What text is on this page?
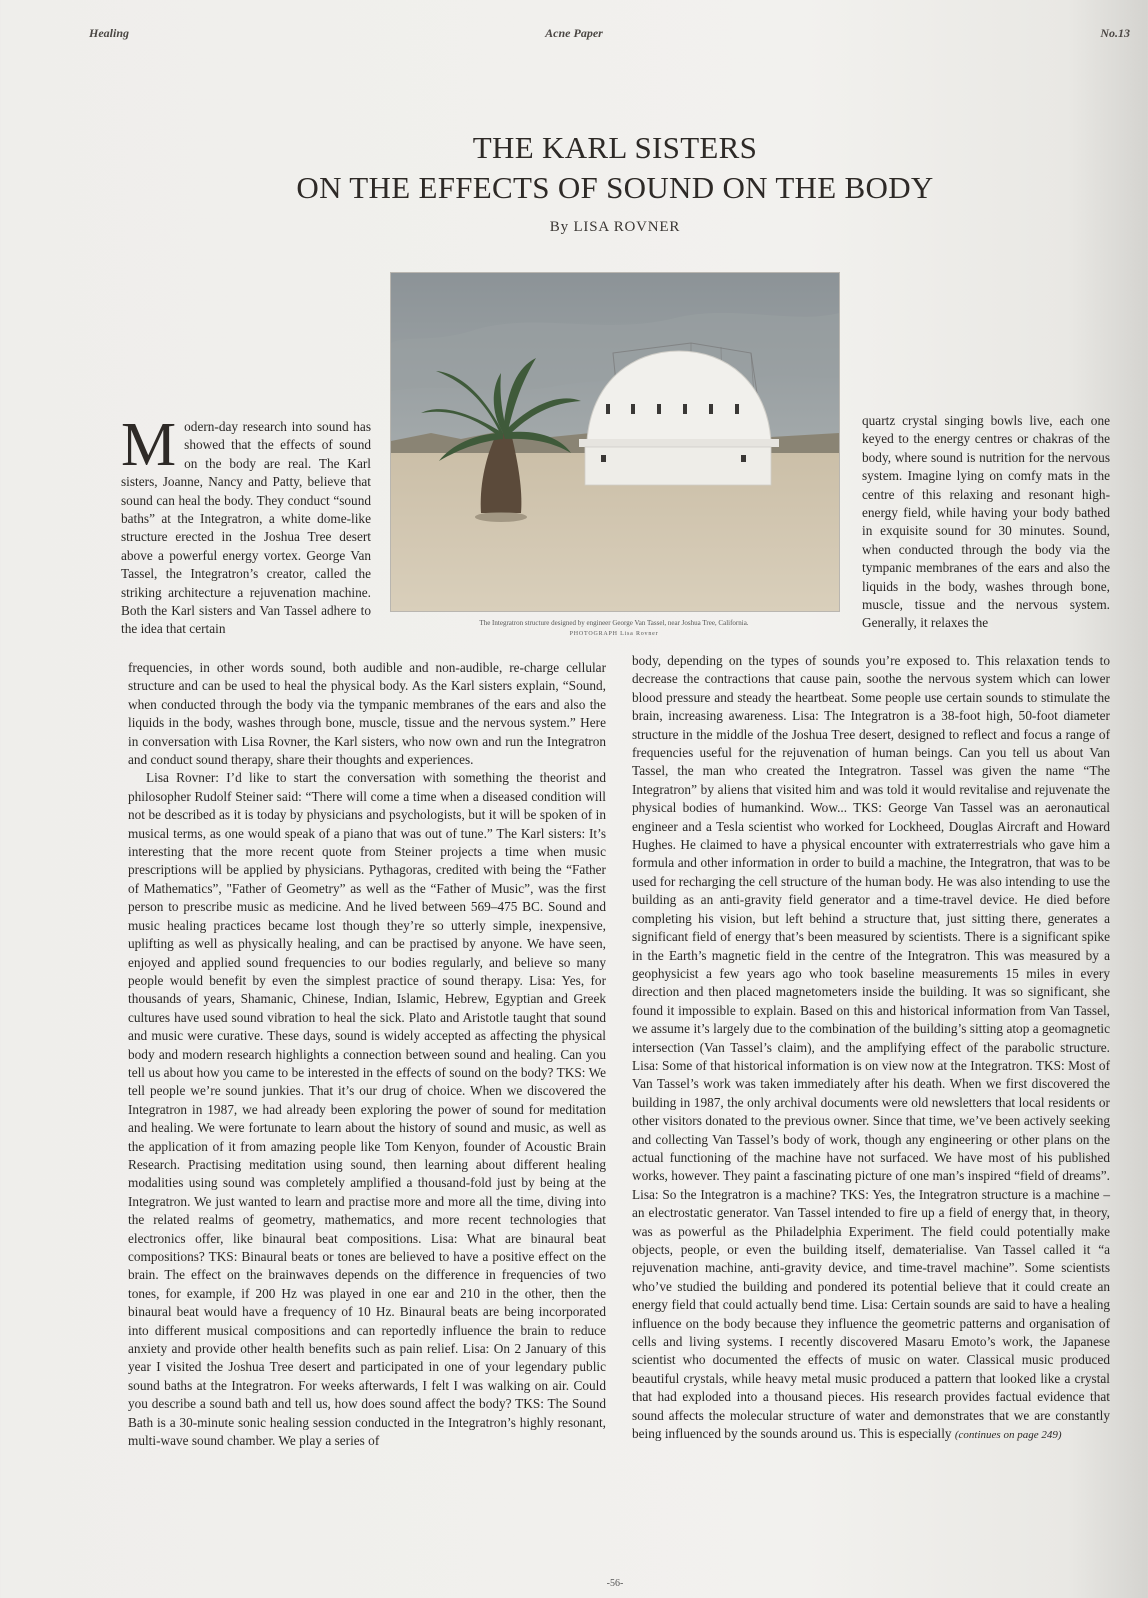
Healing	Acne Paper	No.13
THE KARL SISTERS
ON THE EFFECTS OF SOUND ON THE BODY
By LISA ROVNER
The Integratron structure designed by engineer George Van Tassel, near Joshua Tree, California.
PHOTOGRAPH Lisa Rovner

Modern-day research into sound has showed that the effects of sound on the body are real. The Karl sisters, Joanne, Nancy and Patty, believe that sound can heal the body. They conduct “sound baths” at the Integratron, a white dome-like structure erected in the Joshua Tree desert above a powerful energy vortex. George Van Tassel, the Integratron’s creator, called the striking architecture a rejuvenation machine. Both the Karl sisters and Van Tassel adhere to the idea that certain

frequencies, in other words sound, both audible and non-audible, re-charge cellular structure and can be used to heal the physical body. As the Karl sisters explain, “Sound, when conducted through the body via the tympanic membranes of the ears and also the liquids in the body, washes through bone, muscle, tissue and the nervous system.” Here in conversation with Lisa Rovner, the Karl sisters, who now own and run the Integratron and conduct sound therapy, share their thoughts and experiences.

Lisa Rovner: I’d like to start the conversation with something the theorist and philosopher Rudolf Steiner said: “There will come a time when a diseased condition will not be described as it is today by physicians and psychologists, but it will be spoken of in musical terms, as one would speak of a piano that was out of tune.” The Karl sisters: It’s interesting that the more recent quote from Steiner projects a time when music prescriptions will be applied by physicians. Pythagoras, credited with being the “Father of Mathematics”, "Father of Geometry” as well as the “Father of Music”, was the first person to prescribe music as medicine. And he lived between 569–475 BC. Sound and music healing practices became lost though they’re so utterly simple, inexpensive, uplifting as well as physically healing, and can be practised by anyone. We have seen, enjoyed and applied sound frequencies to our bodies regularly, and believe so many people would benefit by even the simplest practice of sound therapy. Lisa: Yes, for thousands of years, Shamanic, Chinese, Indian, Islamic, Hebrew, Egyptian and Greek cultures have used sound vibration to heal the sick. Plato and Aristotle taught that sound and music were curative. These days, sound is widely accepted as affecting the physical body and modern research highlights a connection between sound and healing. Can you tell us about how you came to be interested in the effects of sound on the body? TKS: We tell people we’re sound junkies. That it’s our drug of choice. When we discovered the Integratron in 1987, we had already been exploring the power of sound for meditation and healing. We were fortunate to learn about the history of sound and music, as well as the application of it from amazing people like Tom Kenyon, founder of Acoustic Brain Research. Practising meditation using sound, then learning about different healing modalities using sound was completely amplified a thousand-fold just by being at the Integratron. We just wanted to learn and practise more and more all the time, diving into the related realms of geometry, mathematics, and more recent technologies that electronics offer, like binaural beat compositions. Lisa: What are binaural beat compositions? TKS: Binaural beats or tones are believed to have a positive effect on the brain. The effect on the brainwaves depends on the difference in frequencies of two tones, for example, if 200 Hz was played in one ear and 210 in the other, then the binaural beat would have a frequency of 10 Hz. Binaural beats are being incorporated into different musical compositions and can reportedly influence the brain to reduce anxiety and provide other health benefits such as pain relief. Lisa: On 2 January of this year I visited the Joshua Tree desert and participated in one of your legendary public sound baths at the Integratron. For weeks afterwards, I felt I was walking on air. Could you describe a sound bath and tell us, how does sound affect the body? TKS: The Sound Bath is a 30-minute sonic healing session conducted in the Integratron’s highly resonant, multi-wave sound chamber. We play a series of

quartz crystal singing bowls live, each one keyed to the energy centres or chakras of the body, where sound is nutrition for the nervous system. Imagine lying on comfy mats in the centre of this relaxing and resonant high-energy field, while having your body bathed in exquisite sound for 30 minutes. Sound, when conducted through the body via the tympanic membranes of the ears and also the liquids in the body, washes through bone, muscle, tissue and the nervous system. Generally, it relaxes the

body, depending on the types of sounds you’re exposed to. This relaxation tends to decrease the contractions that cause pain, soothe the nervous system which can lower blood pressure and steady the heartbeat. Some people use certain sounds to stimulate the brain, increasing awareness. Lisa: The Integratron is a 38-foot high, 50-foot diameter structure in the middle of the Joshua Tree desert, designed to reflect and focus a range of frequencies useful for the rejuvenation of human beings. Can you tell us about Van Tassel, the man who created the Integratron. Tassel was given the name “The Integratron” by aliens that visited him and was told it would revitalise and rejuvenate the physical bodies of humankind. Wow... TKS: George Van Tassel was an aeronautical engineer and a Tesla scientist who worked for Lockheed, Douglas Aircraft and Howard Hughes. He claimed to have a physical encounter with extraterrestrials who gave him a formula and other information in order to build a machine, the Integratron, that was to be used for recharging the cell structure of the human body. He was also intending to use the building as an anti-gravity field generator and a time-travel device. He died before completing his vision, but left behind a structure that, just sitting there, generates a significant field of energy that’s been measured by scientists. There is a significant spike in the Earth’s magnetic field in the centre of the Integratron. This was measured by a geophysicist a few years ago who took baseline measurements 15 miles in every direction and then placed magnetometers inside the building. It was so significant, she found it impossible to explain. Based on this and historical information from Van Tassel, we assume it’s largely due to the combination of the building’s sitting atop a geomagnetic intersection (Van Tassel’s claim), and the amplifying effect of the parabolic structure. Lisa: Some of that historical information is on view now at the Integratron. TKS: Most of Van Tassel’s work was taken immediately after his death. When we first discovered the building in 1987, the only archival documents were old newsletters that local residents or other visitors donated to the previous owner. Since that time, we’ve been actively seeking and collecting Van Tassel’s body of work, though any engineering or other plans on the actual functioning of the machine have not surfaced. We have most of his published works, however. They paint a fascinating picture of one man’s inspired “field of dreams”. Lisa: So the Integratron is a machine? TKS: Yes, the Integratron structure is a machine – an electrostatic generator. Van Tassel intended to fire up a field of energy that, in theory, was as powerful as the Philadelphia Experiment. The field could potentially make objects, people, or even the building itself, dematerialise. Van Tassel called it “a rejuvenation machine, anti-gravity device, and time-travel machine”. Some scientists who’ve studied the building and pondered its potential believe that it could create an energy field that could actually bend time. Lisa: Certain sounds are said to have a healing influence on the body because they influence the geometric patterns and organisation of cells and living systems. I recently discovered Masaru Emoto’s work, the Japanese scientist who documented the effects of music on water. Classical music produced beautiful crystals, while heavy metal music produced a pattern that looked like a crystal that had exploded into a thousand pieces. His research provides factual evidence that sound affects the molecular structure of water and demonstrates that we are constantly being influenced by the sounds around us. This is especially (continues on page 249)

-56-
